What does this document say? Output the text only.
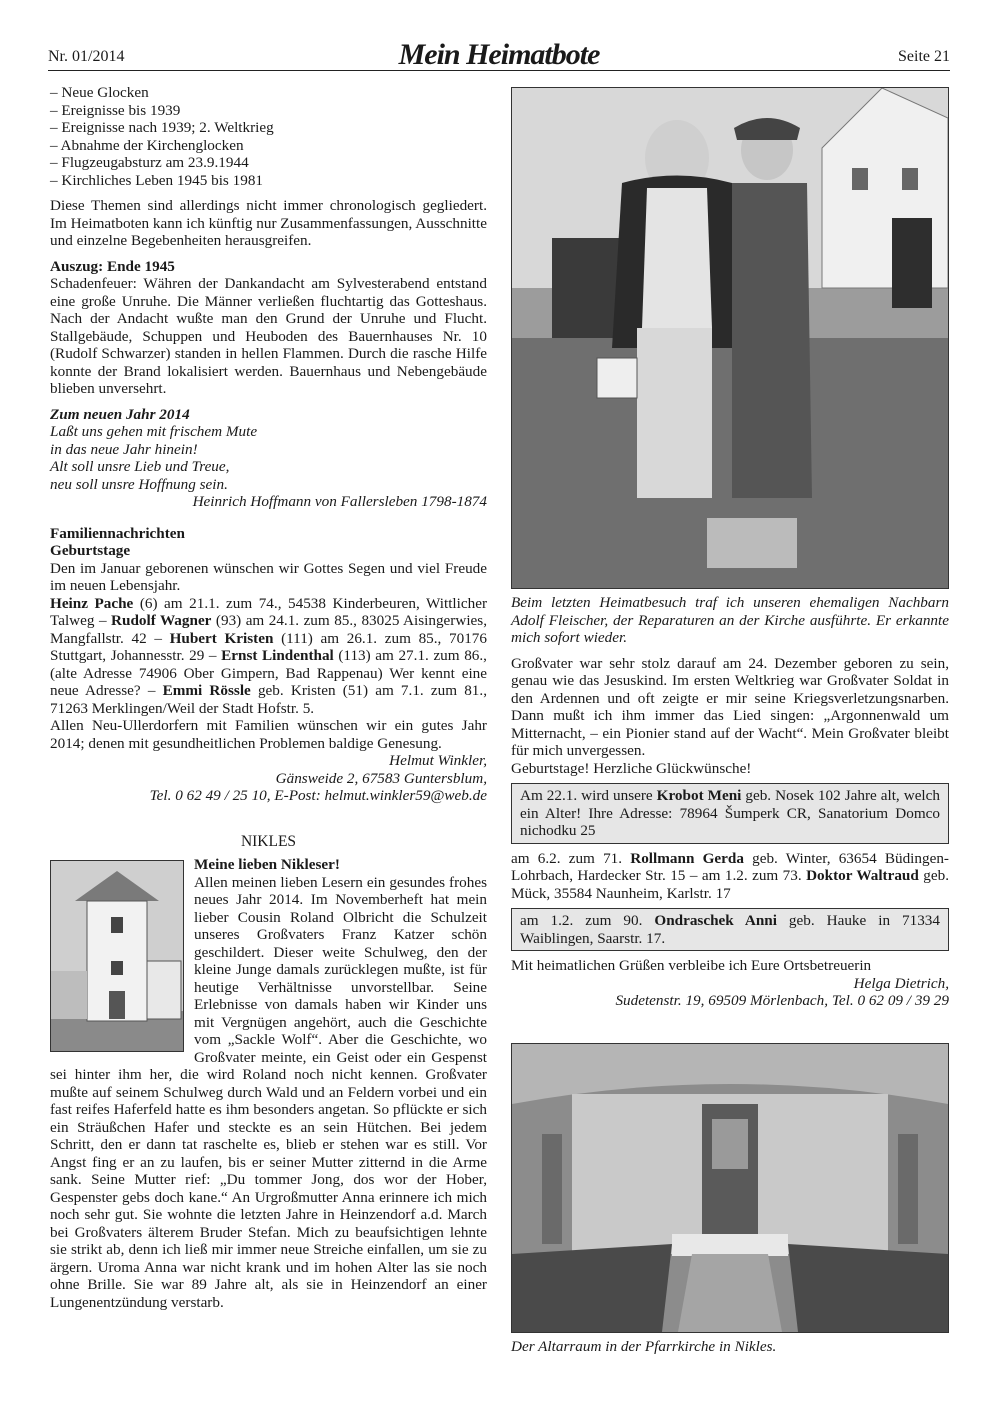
Nr. 01/2014	Mein Heimatbote	Seite 21
– Neue Glocken
– Ereignisse bis 1939
– Ereignisse nach 1939; 2. Weltkrieg
– Abnahme der Kirchenglocken
– Flugzeugabsturz am 23.9.1944
– Kirchliches Leben 1945 bis 1981

Diese Themen sind allerdings nicht immer chronologisch gegliedert. Im Heimatboten kann ich künftig nur Zusammenfassungen, Ausschnitte und einzelne Begebenheiten herausgreifen.

Auszug: Ende 1945

Schadenfeuer: Währen der Dankandacht am Sylvesterabend entstand eine große Unruhe. Die Männer verließen fluchtartig das Gotteshaus. Nach der Andacht wußte man den Grund der Unruhe und Flucht. Stallgebäude, Schuppen und Heuboden des Bauernhauses Nr. 10 (Rudolf Schwarzer) standen in hellen Flammen. Durch die rasche Hilfe konnte der Brand lokalisiert werden. Bauernhaus und Nebengebäude blieben unversehrt.

Zum neuen Jahr 2014

Laßt uns gehen mit frischem Mute

in das neue Jahr hinein!

Alt soll unsre Lieb und Treue,

neu soll unsre Hoffnung sein.

Heinrich Hoffmann von Fallersleben 1798-1874

Familiennachrichten

Geburtstage

Den im Januar geborenen wünschen wir Gottes Segen und viel Freude im neuen Lebensjahr.

Heinz Pache (6) am 21.1. zum 74., 54538 Kinderbeuren, Wittlicher Talweg – Rudolf Wagner (93) am 24.1. zum 85., 83025 Aisingerwies, Mangfallstr. 42 – Hubert Kristen (111) am 26.1. zum 85., 70176 Stuttgart, Johannesstr. 29 – Ernst Lindenthal (113) am 27.1. zum 86., (alte Adresse 74906 Ober Gimpern, Bad Rappenau) Wer kennt eine neue Adresse? – Emmi Rössle geb. Kristen (51) am 7.1. zum 81., 71263 Merklingen/Weil der Stadt Hofstr. 5.

Allen Neu-Ullerdorfern mit Familien wünschen wir ein gutes Jahr 2014; denen mit gesundheitlichen Problemen baldige Genesung.

Helmut Winkler,

Gänsweide 2, 67583 Guntersblum,

Tel. 0 62 49 / 25 10, E-Post: helmut.winkler59@web.de

NIKLES

Meine lieben Nikleser!

Allen meinen lieben Lesern ein gesundes frohes neues Jahr 2014. Im Novemberheft hat mein lieber Cousin Roland Olbricht die Schulzeit unseres Großvaters Franz Katzer schön geschildert. Dieser weite Schulweg, den der kleine Junge damals zurücklegen mußte, ist für heutige Verhältnisse unvorstellbar. Seine Erlebnisse von damals haben wir Kinder uns mit Vergnügen angehört, auch die Geschichte vom „Sackle Wolf“. Aber die Geschichte, wo Großvater meinte, ein Geist oder ein Gespenst sei hinter ihm her, die wird Roland noch nicht kennen. Großvater mußte auf seinem Schulweg durch Wald und an Feldern vorbei und ein fast reifes Haferfeld hatte es ihm besonders angetan. So pflückte er sich ein Sträußchen Hafer und steckte es an sein Hütchen. Bei jedem Schritt, den er dann tat raschelte es, blieb er stehen war es still. Vor Angst fing er an zu laufen, bis er seiner Mutter zitternd in die Arme sank. Seine Mutter rief: „Du tommer Jong, dos wor der Hober, Gespenster gebs doch kane.“ An Urgroßmutter Anna erinnere ich mich noch sehr gut. Sie wohnte die letzten Jahre in Heinzendorf a.d. March bei Großvaters älterem Bruder Stefan. Mich zu beaufsichtigen lehnte sie strikt ab, denn ich ließ mir immer neue Streiche einfallen, um sie zu ärgern. Uroma Anna war nicht krank und im hohen Alter las sie noch ohne Brille. Sie war 89 Jahre alt, als sie in Heinzendorf an einer Lungenentzündung verstarb.

Beim letzten Heimatbesuch traf ich unseren ehemaligen Nachbarn Adolf Fleischer, der Reparaturen an der Kirche ausführte. Er erkannte mich sofort wieder.

Großvater war sehr stolz darauf am 24. Dezember geboren zu sein, genau wie das Jesuskind. Im ersten Weltkrieg war Großvater Soldat in den Ardennen und oft zeigte er mir seine Kriegsverletzungsnarben. Dann mußt ich ihm immer das Lied singen: „Argonnenwald um Mitternacht, – ein Pionier stand auf der Wacht“. Mein Großvater bleibt für mich unvergessen.

Geburtstage! Herzliche Glückwünsche!

Am 22.1. wird unsere Krobot Meni geb. Nosek 102 Jahre alt, welch ein Alter! Ihre Adresse: 78964 Šumperk CR, Sanatorium Domco nichodku 25

am 6.2. zum 71. Rollmann Gerda geb. Winter, 63654 Büdingen-Lohrbach, Hardecker Str. 15 – am 1.2. zum 73. Doktor Waltraud geb. Mück, 35584 Naunheim, Karlstr. 17

am 1.2. zum 90. Ondraschek Anni geb. Hauke in 71334 Waiblingen, Saarstr. 17.

Mit heimatlichen Grüßen verbleibe ich Eure Ortsbetreuerin

Helga Dietrich,

Sudetenstr. 19, 69509 Mörlenbach, Tel. 0 62 09 / 39 29

Der Altarraum in der Pfarrkirche in Nikles.
